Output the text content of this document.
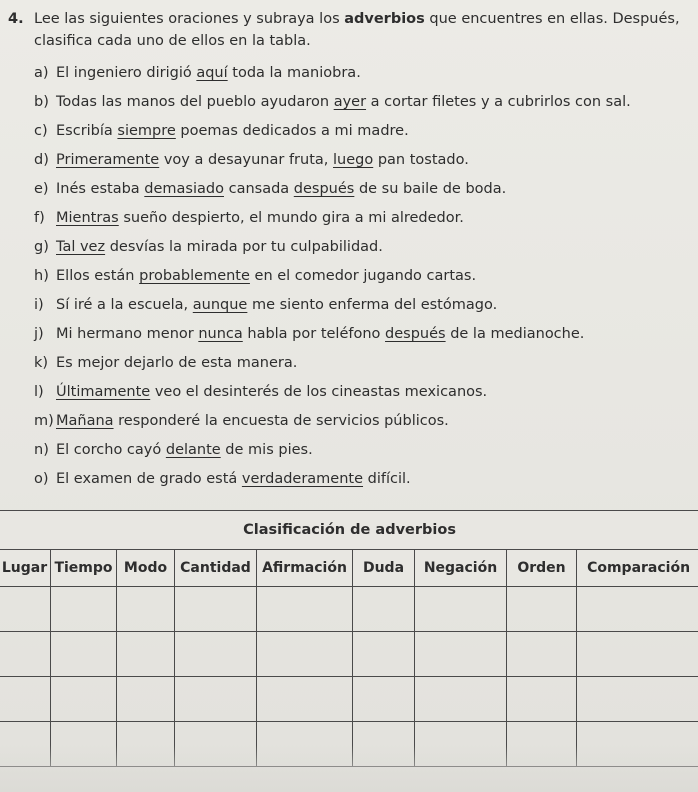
4. Lee las siguientes oraciones y subraya los adverbios que encuentres en ellas. Después, clasifica cada uno de ellos en la tabla.
a) El ingeniero dirigió aquí toda la maniobra.
b) Todas las manos del pueblo ayudaron ayer a cortar filetes y a cubrirlos con sal.
c) Escribía siempre poemas dedicados a mi madre.
d) Primeramente voy a desayunar fruta, luego pan tostado.
e) Inés estaba demasiado cansada después de su baile de boda.
f) Mientras sueño despierto, el mundo gira a mi alrededor.
g) Tal vez desvías la mirada por tu culpabilidad.
h) Ellos están probablemente en el comedor jugando cartas.
i) Sí iré a la escuela, aunque me siento enferma del estómago.
j) Mi hermano menor nunca habla por teléfono después de la medianoche.
k) Es mejor dejarlo de esta manera.
l) Últimamente veo el desinterés de los cineastas mexicanos.
m) Mañana responderé la encuesta de servicios públicos.
n) El corcho cayó delante de mis pies.
o) El examen de grado está verdaderamente difícil.
Clasificación de adverbios								
Lugar	Tiempo	Modo	Cantidad	Afirmación	Duda	Negación	Orden	Comparación
